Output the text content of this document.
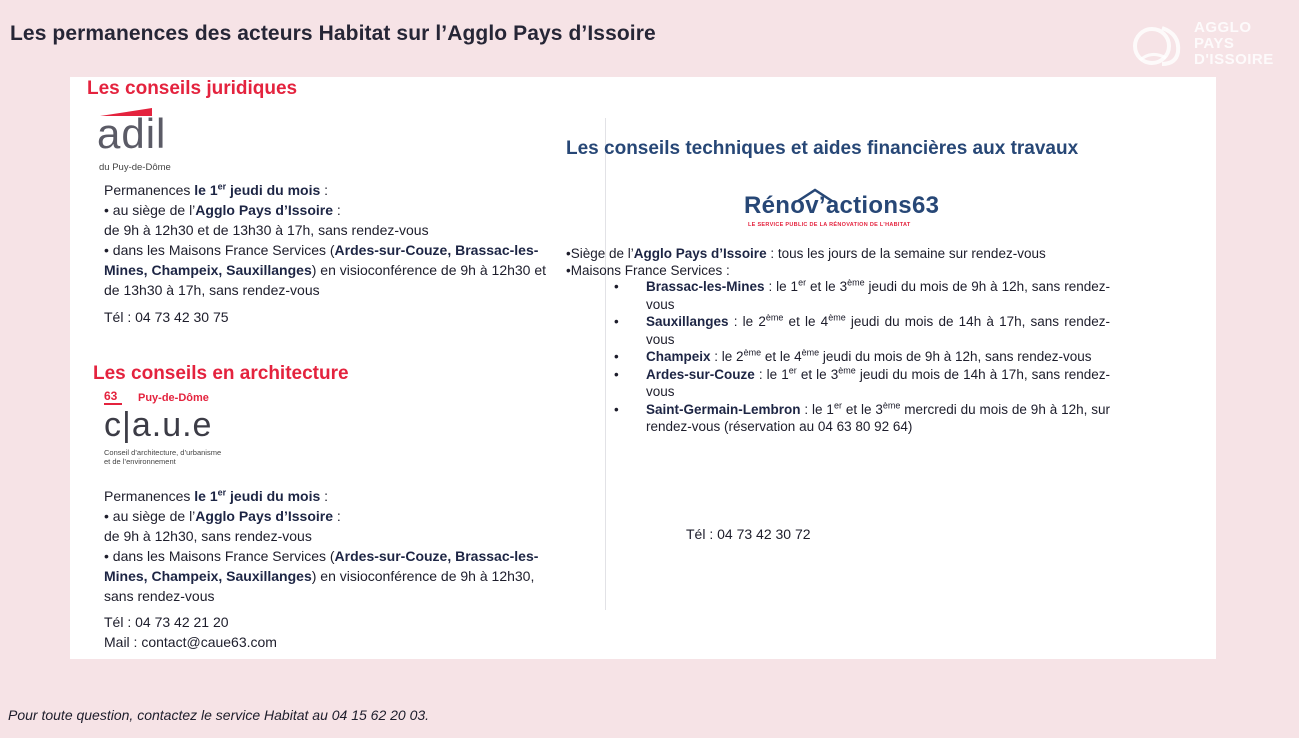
Les permanences des acteurs Habitat sur l’Agglo Pays d’Issoire	AGGLO
PAYS
D'ISSOIRE
Les conseils juridiques
adil
du Puy-de-Dôme
Permanences le 1er jeudi du mois :
• au siège de l’Agglo Pays d’Issoire :
de 9h à 12h30 et de 13h30 à 17h, sans rendez-vous
• dans les Maisons France Services (Ardes-sur-Couze, Brassac-les-
Mines, Champeix, Sauxillanges) en visioconférence de 9h à 12h30 et
de 13h30 à 17h, sans rendez-vous
Tél : 04 73 42 30 75
Les conseils en architecture
63 Puy-de-Dôme
c|a.u.e
Conseil d’architecture, d’urbanisme
et de l’environnement
Permanences le 1er jeudi du mois :
• au siège de l’Agglo Pays d’Issoire :
de 9h à 12h30, sans rendez-vous
• dans les Maisons France Services (Ardes-sur-Couze, Brassac-les-
Mines, Champeix, Sauxillanges) en visioconférence de 9h à 12h30,
sans rendez-vous
Tél : 04 73 42 21 20
Mail : contact@caue63.com
Les conseils techniques et aides financières aux travaux
Rénov’actions63
LE SERVICE PUBLIC DE LA RÉNOVATION DE L’HABITAT
•Siège de l’Agglo Pays d’Issoire : tous les jours de la semaine sur rendez-vous
•Maisons France Services :
• Brassac-les-Mines : le 1er et le 3ème jeudi du mois de 9h à 12h, sans rendez-vous
• Sauxillanges : le 2ème et le 4ème jeudi du mois de 14h à 17h, sans rendez-vous
• Champeix : le 2ème et le 4ème jeudi du mois de 9h à 12h, sans rendez-vous
• Ardes-sur-Couze : le 1er et le 3ème jeudi du mois de 14h à 17h, sans rendez-vous
• Saint-Germain-Lembron : le 1er et le 3ème mercredi du mois de 9h à 12h, sur rendez-vous (réservation au 04 63 80 92 64)
Tél : 04 73 42 30 72
Pour toute question, contactez le service Habitat au 04 15 62 20 03.
